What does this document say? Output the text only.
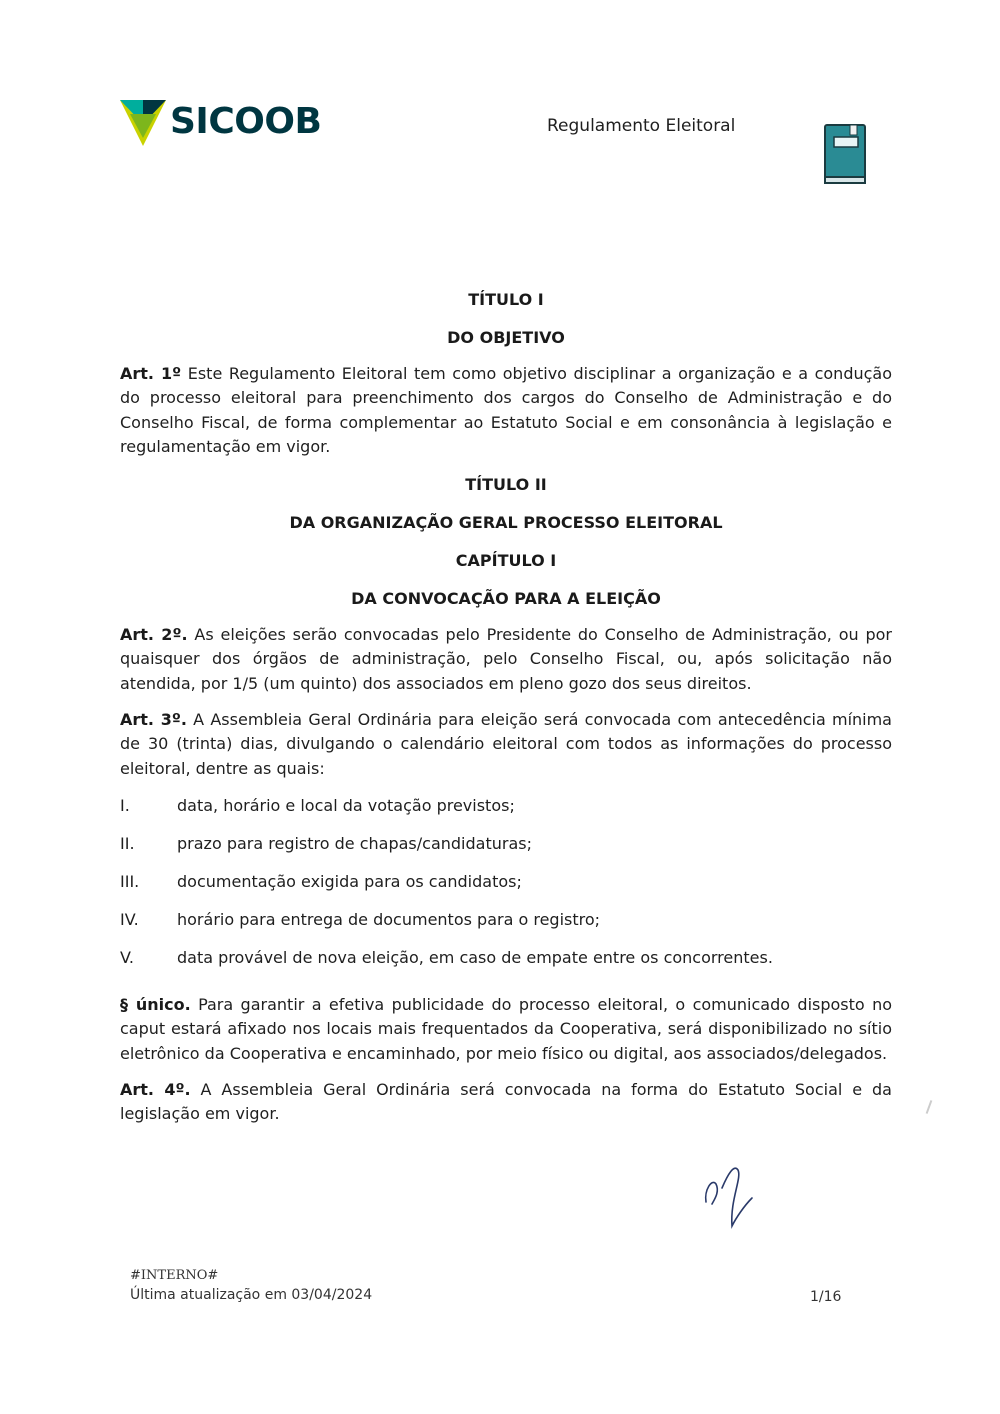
SICOOB	Regulamento Eleitoral

TÍTULO I

DO OBJETIVO

Art. 1º Este Regulamento Eleitoral tem como objetivo disciplinar a organização e a condução do processo eleitoral para preenchimento dos cargos do Conselho de Administração e do Conselho Fiscal, de forma complementar ao Estatuto Social e em consonância à legislação e regulamentação em vigor.

TÍTULO II

DA ORGANIZAÇÃO GERAL PROCESSO ELEITORAL

CAPÍTULO I

DA CONVOCAÇÃO PARA A ELEIÇÃO

Art. 2º. As eleições serão convocadas pelo Presidente do Conselho de Administração, ou por quaisquer dos órgãos de administração, pelo Conselho Fiscal, ou, após solicitação não atendida, por 1/5 (um quinto) dos associados em pleno gozo dos seus direitos.

Art. 3º. A Assembleia Geral Ordinária para eleição será convocada com antecedência mínima de 30 (trinta) dias, divulgando o calendário eleitoral com todos as informações do processo eleitoral, dentre as quais:

I.	data, horário e local da votação previstos;
II.	prazo para registro de chapas/candidaturas;
III.	documentação exigida para os candidatos;
IV.	horário para entrega de documentos para o registro;
V.	data provável de nova eleição, em caso de empate entre os concorrentes.

§ único. Para garantir a efetiva publicidade do processo eleitoral, o comunicado disposto no caput estará afixado nos locais mais frequentados da Cooperativa, será disponibilizado no sítio eletrônico da Cooperativa e encaminhado, por meio físico ou digital, aos associados/delegados.

Art. 4º. A Assembleia Geral Ordinária será convocada na forma do Estatuto Social e da legislação em vigor.

#INTERNO#
Última atualização em 03/04/2024	1/16
